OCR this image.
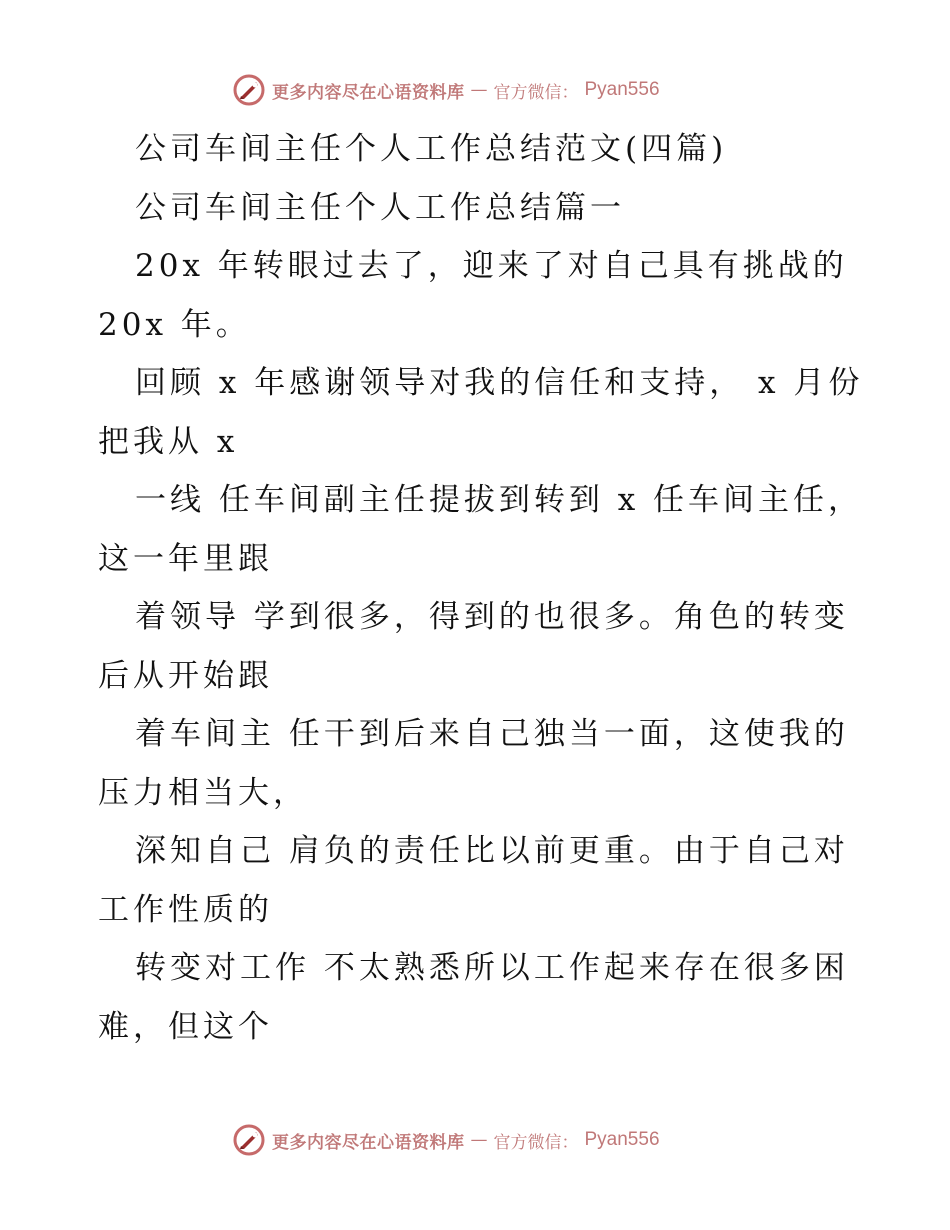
更多内容尽在心语资料库 — 官方微信： Pyan556
公司车间主任个人工作总结范文(四篇)
公司车间主任个人工作总结篇一
20x 年转眼过去了，迎来了对自己具有挑战的
20x 年。
回顾 x 年感谢领导对我的信任和支持， x 月份
把我从 x
一线 任车间副主任提拔到转到 x 任车间主任，
这一年里跟
着领导 学到很多，得到的也很多。角色的转变
后从开始跟
着车间主 任干到后来自己独当一面，这使我的
压力相当大，
深知自己 肩负的责任比以前更重。由于自己对
工作性质的
转变对工作 不太熟悉所以工作起来存在很多困
难，但这个
更多内容尽在心语资料库 — 官方微信： Pyan556
